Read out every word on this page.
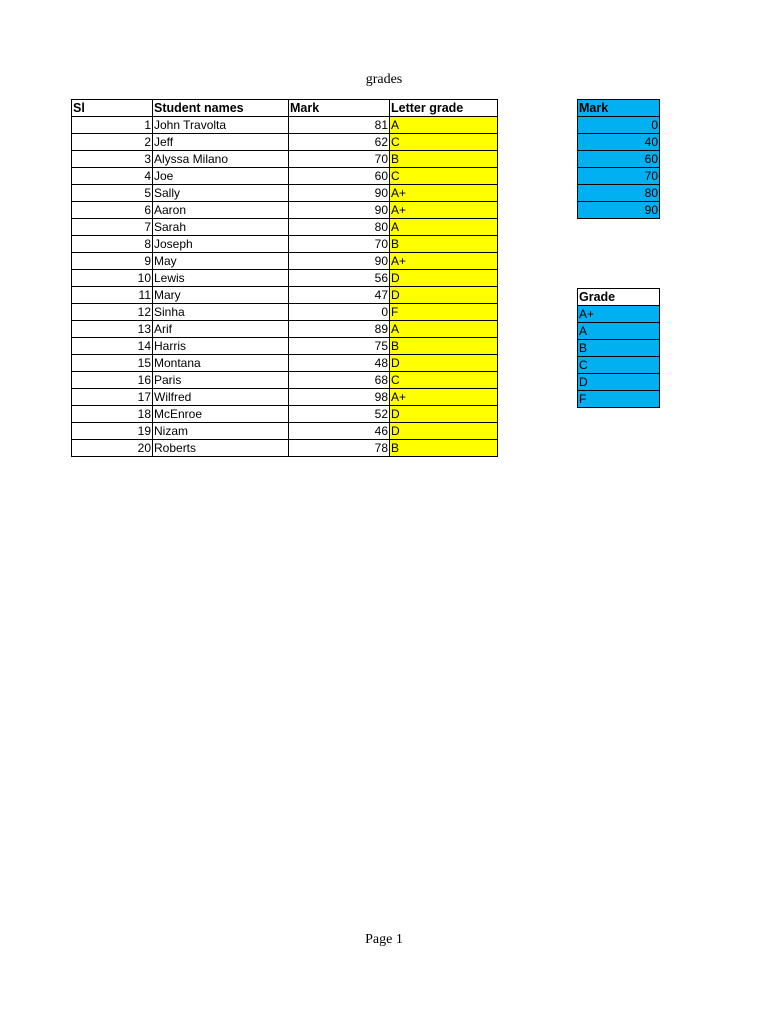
grades
Sl	Student names	Mark	Letter grade
1	John Travolta	81	A
2	Jeff	62	C
3	Alyssa Milano	70	B
4	Joe	60	C
5	Sally	90	A+
6	Aaron	90	A+
7	Sarah	80	A
8	Joseph	70	B
9	May	90	A+
10	Lewis	56	D
11	Mary	47	D
12	Sinha	0	F
13	Arif	89	A
14	Harris	75	B
15	Montana	48	D
16	Paris	68	C
17	Wilfred	98	A+
18	McEnroe	52	D
19	Nizam	46	D
20	Roberts	78	B
Mark
0
40
60
70
80
90
Grade
A+
A
B
C
D
F
Page 1
